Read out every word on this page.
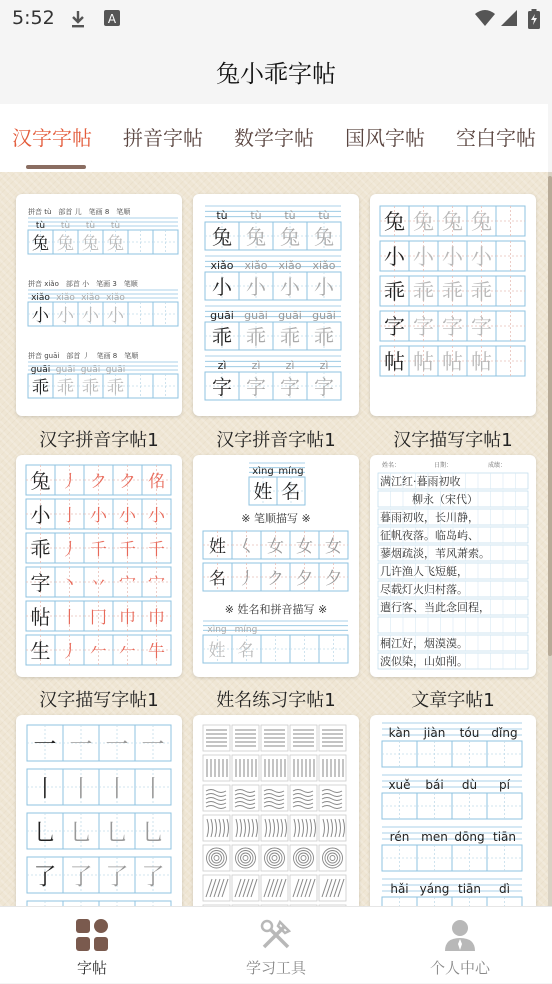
5:52	A
兔小乖字帖
汉字字帖 拼音字帖 数学字帖 国风字帖 空白字帖
拼音 tù　部首 儿　笔画 8　笔顺
tù
兔
tù
兔
tù
兔
tù
兔
拼音 xiǎo　部首 小　笔画 3　笔顺
xiǎo
小
xiǎo
小
xiǎo
小
xiǎo
小
拼音 guāi　部首 丿　笔画 8　笔顺
guāi
乖
guāi
乖
guāi
乖
guāi
乖
汉字拼音字帖1
tù
兔
tù
兔
tù
兔
tù
兔
xiǎo
小
xiǎo
小
xiǎo
小
xiǎo
小
guāi
乖
guāi
乖
guāi
乖
guāi
乖
zì
字
zì
字
zì
字
zì
字
汉字拼音字帖1
兔 兔 兔 兔
小 小 小 小
乖 乖 乖 乖
字 字 字 字
帖 帖 帖 帖
汉字描写字帖1
兔 丿 ク ク 佲
小 亅 小 小 小
乖 丿 千 千 千
字 丶 丷 宀 宀
帖 丨 冂 巾 巾
生 丿 𠂉 𠂉 牛
汉字描写字帖1
xìng míng
姓 名
※ 笔顺描写 ※
姓 𡿨 女 女 女
名 丿 ク 夕 夕
※ 姓名和拼音描写 ※
xìng míng
姓 名
姓名练习字帖1
姓名：	日期：	成绩：
满江红·暮雨初收
柳永（宋代）
暮雨初收，长川静，
征帆夜落。临岛屿、
蓼烟疏淡，苇风萧索。
几许渔人飞短艇，
尽载灯火归村落。
遣行客、当此念回程，
桐江好，烟漠漠。
波似染，山如削。
文章字帖1
一 一 一 一
丨 丨 丨 丨
乚 乚 乚 乚
了 了 了 了
kàn jiàn tóu dǐng
xuě bái dù pí
rén men dōng tiān
hǎi yáng tiān dì
字帖	学习工具	个人中心
